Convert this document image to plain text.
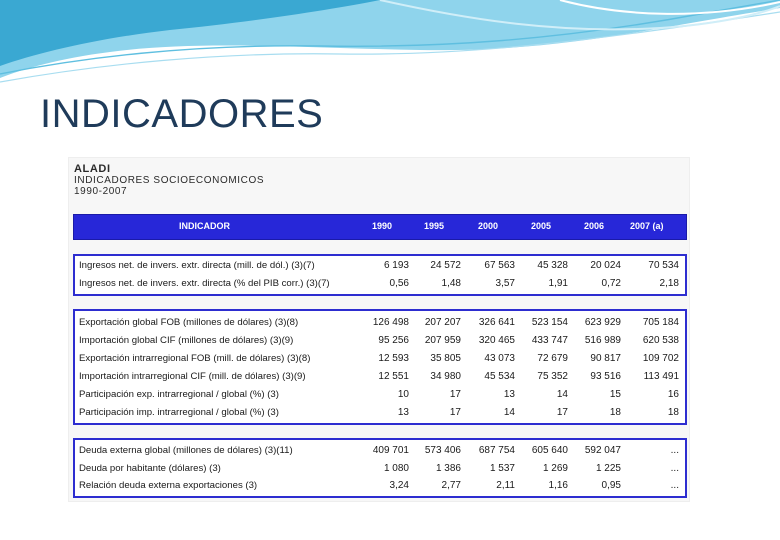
INDICADORES
ALADI
INDICADORES SOCIOECONOMICOS
1990-2007
INDICADOR	1990	1995	2000	2005	2006	2007 (a)
Ingresos net. de invers. extr. directa (mill. de dól.) (3)(7)	6 193	24 572	67 563	45 328	20 024	70 534
Ingresos net. de invers. extr. directa (% del PIB corr.) (3)(7)	0,56	1,48	3,57	1,91	0,72	2,18
Exportación global FOB (millones de dólares) (3)(8)	126 498	207 207	326 641	523 154	623 929	705 184
Importación global CIF (millones de dólares) (3)(9)	95 256	207 959	320 465	433 747	516 989	620 538
Exportación intrarregional FOB (mill. de dólares) (3)(8)	12 593	35 805	43 073	72 679	90 817	109 702
Importación intrarregional CIF (mill. de dólares) (3)(9)	12 551	34 980	45 534	75 352	93 516	113 491
Participación exp. intrarregional / global (%) (3)	10	17	13	14	15	16
Participación imp. intrarregional / global (%) (3)	13	17	14	17	18	18
Deuda externa global (millones de dólares) (3)(11)	409 701	573 406	687 754	605 640	592 047	...
Deuda por habitante (dólares) (3)	1 080	1 386	1 537	1 269	1 225	...
Relación deuda externa exportaciones (3)	3,24	2,77	2,11	1,16	0,95	...
